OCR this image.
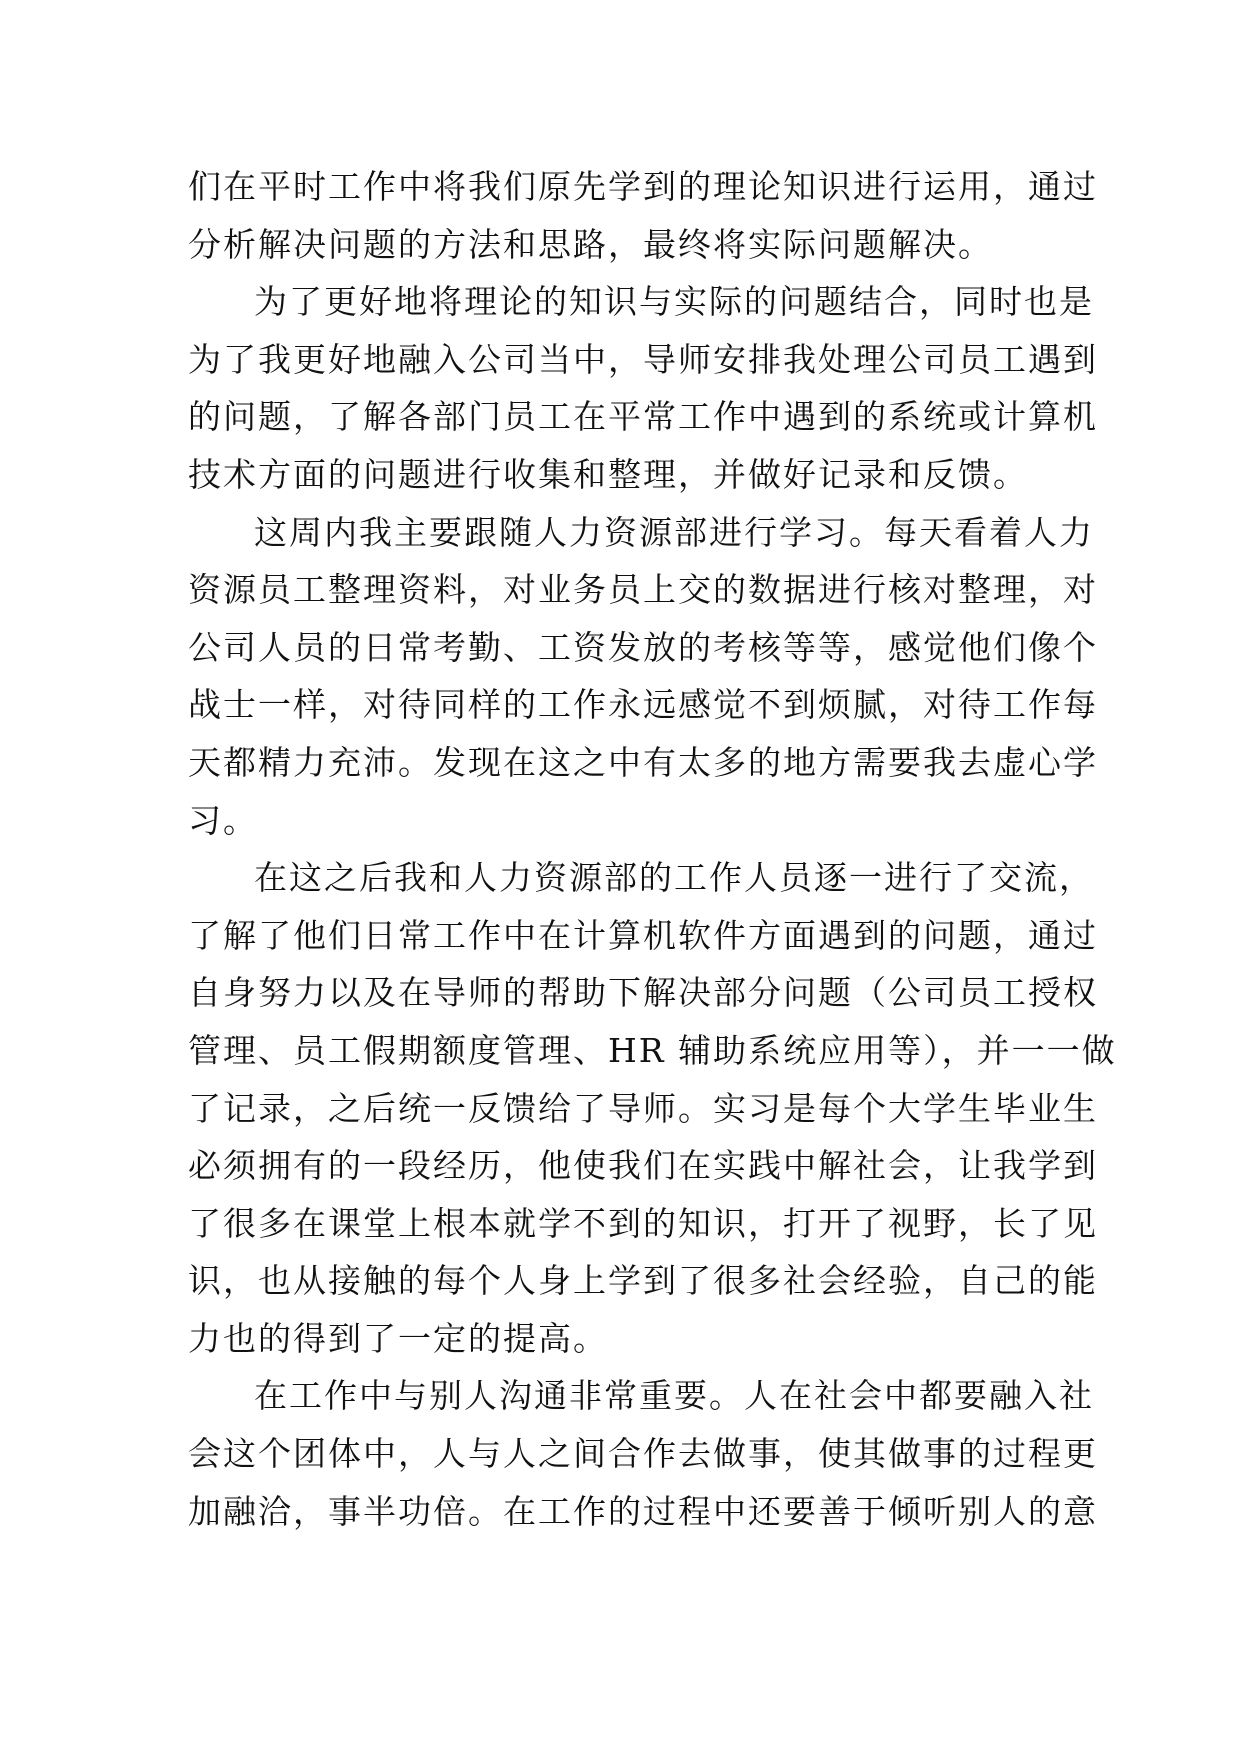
们在平时工作中将我们原先学到的理论知识进行运用，通过
分析解决问题的方法和思路，最终将实际问题解决。
为了更好地将理论的知识与实际的问题结合，同时也是
为了我更好地融入公司当中，导师安排我处理公司员工遇到
的问题，了解各部门员工在平常工作中遇到的系统或计算机
技术方面的问题进行收集和整理，并做好记录和反馈。
这周内我主要跟随人力资源部进行学习。每天看着人力
资源员工整理资料，对业务员上交的数据进行核对整理，对
公司人员的日常考勤、工资发放的考核等等，感觉他们像个
战士一样，对待同样的工作永远感觉不到烦腻，对待工作每
天都精力充沛。发现在这之中有太多的地方需要我去虚心学
习。
在这之后我和人力资源部的工作人员逐一进行了交流，
了解了他们日常工作中在计算机软件方面遇到的问题，通过
自身努力以及在导师的帮助下解决部分问题（公司员工授权
管理、员工假期额度管理、HR 辅助系统应用等），并一一做
了记录，之后统一反馈给了导师。实习是每个大学生毕业生
必须拥有的一段经历，他使我们在实践中解社会，让我学到
了很多在课堂上根本就学不到的知识，打开了视野，长了见
识，也从接触的每个人身上学到了很多社会经验，自己的能
力也的得到了一定的提高。
在工作中与别人沟通非常重要。人在社会中都要融入社
会这个团体中，人与人之间合作去做事，使其做事的过程更
加融洽，事半功倍。在工作的过程中还要善于倾听别人的意
